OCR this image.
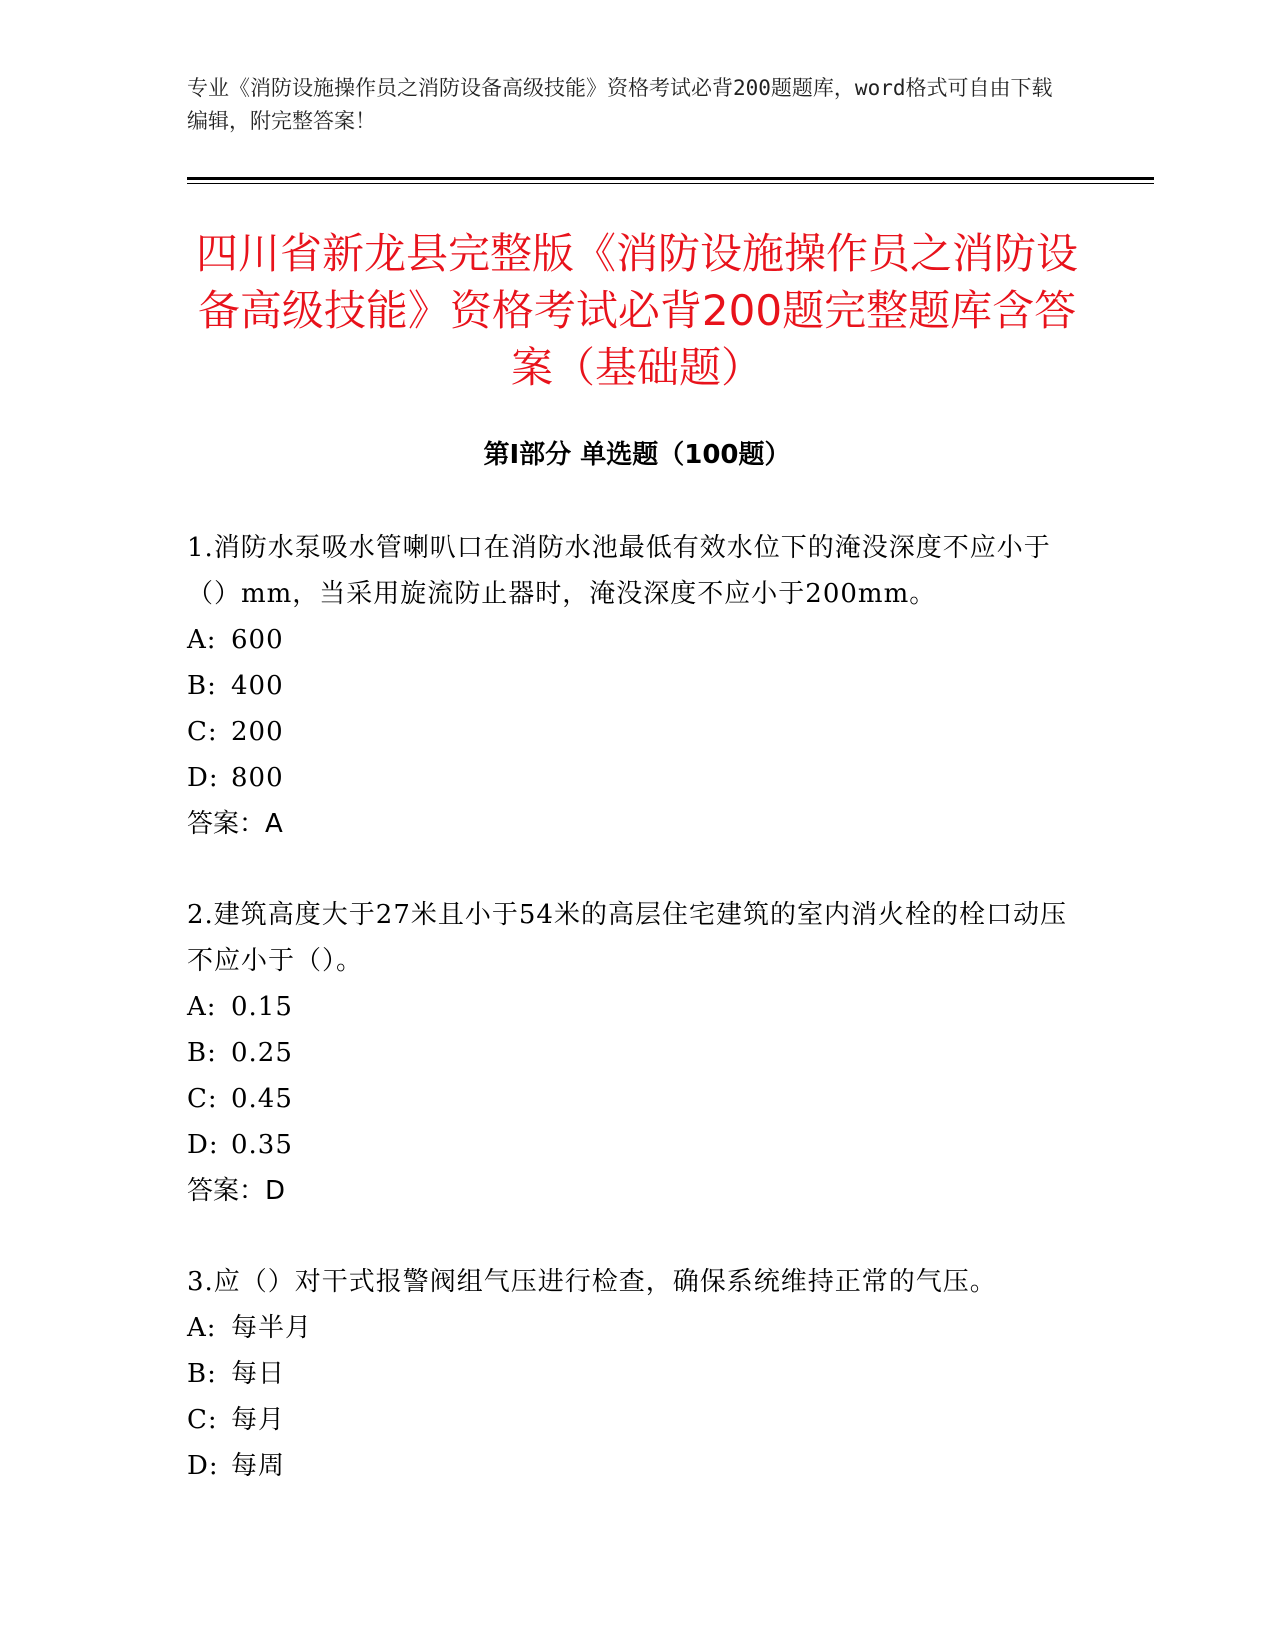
专业《消防设施操作员之消防设备高级技能》资格考试必背200题题库，word格式可自由下载编辑，附完整答案！
四川省新龙县完整版《消防设施操作员之消防设备高级技能》资格考试必背200题完整题库含答案（基础题）
第I部分 单选题（100题）

1.消防水泵吸水管喇叭口在消防水池最低有效水位下的淹没深度不应小于（）mm，当采用旋流防止器时，淹没深度不应小于200mm。

A: 600
B: 400
C: 200
D: 800
答案：A

2.建筑高度大于27米且小于54米的高层住宅建筑的室内消火栓的栓口动压不应小于（）。

A: 0.15
B: 0.25
C: 0.45
D: 0.35
答案：D

3.应（）对干式报警阀组气压进行检查，确保系统维持正常的气压。

A: 每半月
B: 每日
C: 每月
D: 每周
